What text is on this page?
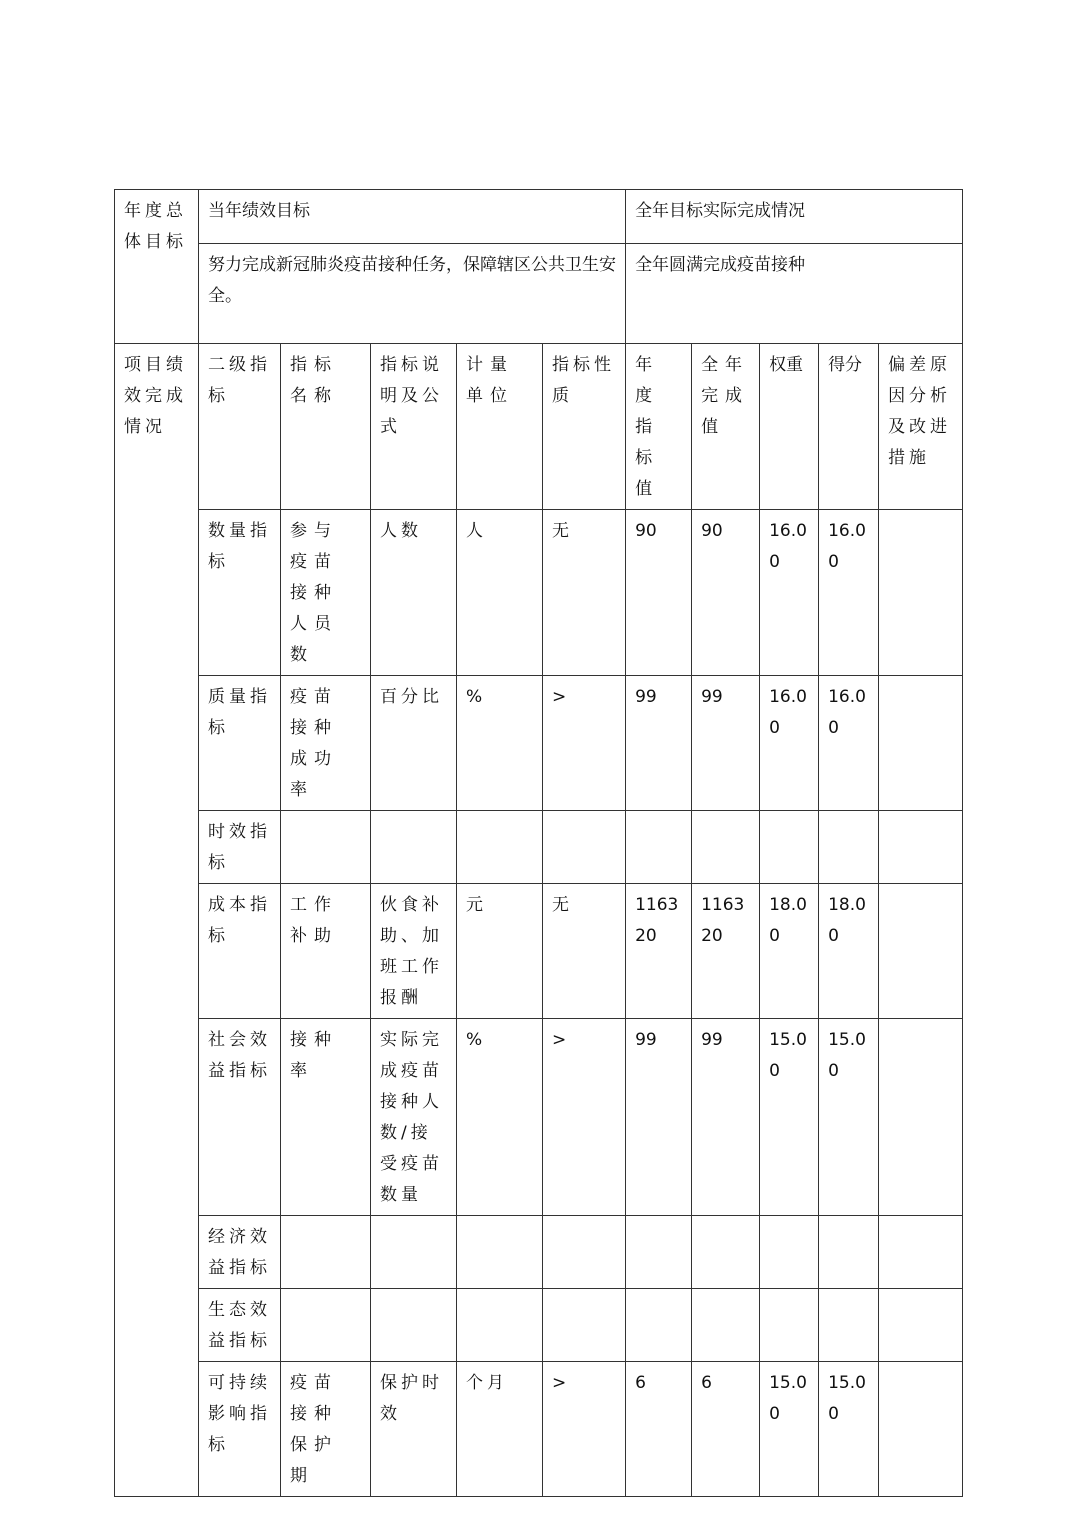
年度总体目标	当年绩效目标					全年目标实际完成情况				
	努力完成新冠肺炎疫苗接种任务，保障辖区公共卫生安全。					全年圆满完成疫苗接种				
项目绩效完成情况	二级指标	指标名称	指标说明及公式	计量单位	指标性质	年度指标值	全年完成值	权重	得分	偏差原因分析及改进措施
	数量指标	参与疫苗接种人员数	人数	人	无	90	90	16.00	16.00	
	质量指标	疫苗接种成功率	百分比	%	>	99	99	16.00	16.00	
	时效指标									
	成本指标	工作补助	伙食补助、加班工作报酬	元	无	116320	116320	18.00	18.00	
	社会效益指标	接种率	实际完成疫苗接种人数/接受疫苗数量	%	>	99	99	15.00	15.00	
	经济效益指标									
	生态效益指标									
	可持续影响指标	疫苗接种保护期	保护时效	个月	>	6	6	15.00	15.00	
